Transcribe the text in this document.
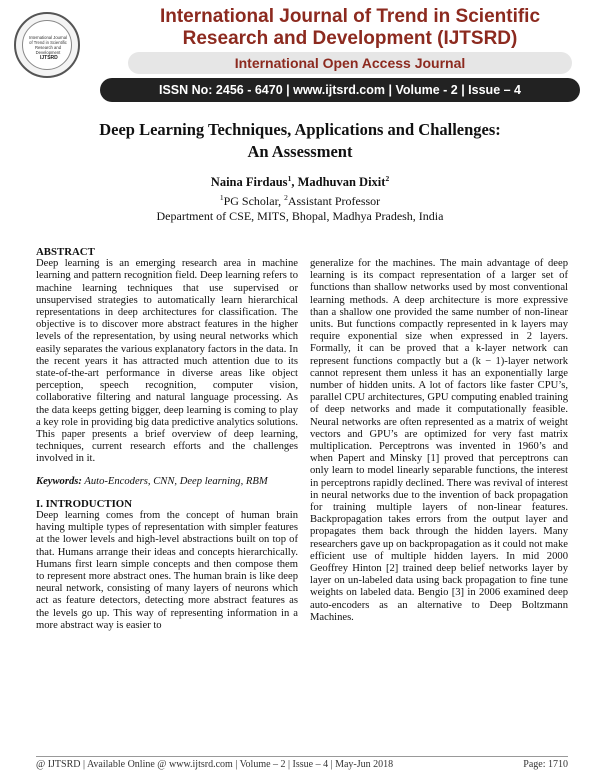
International Journal of Trend in Scientific Research and Development
IJTSRD
International Journal of Trend in Scientific
Research and Development (IJTSRD)
International Open Access Journal
ISSN No: 2456 - 6470 | www.ijtsrd.com | Volume - 2 | Issue – 4
Deep Learning Techniques, Applications and Challenges:
An Assessment
Naina Firdaus$^1$, Madhuvan Dixit$^2$
$^1$PG Scholar, $^2$Assistant Professor
Department of CSE, MITS, Bhopal, Madhya Pradesh, India

ABSTRACT

Deep learning is an emerging research area in machine learning and pattern recognition field. Deep learning refers to machine learning techniques that use supervised or unsupervised strategies to automatically learn hierarchical representations in deep architectures for classification. The objective is to discover more abstract features in the higher levels of the representation, by using neural networks which easily separates the various explanatory factors in the data. In the recent years it has attracted much attention due to its state-of-the-art performance in diverse areas like object perception, speech recognition, computer vision, collaborative filtering and natural language processing. As the data keeps getting bigger, deep learning is coming to play a key role in providing big data predictive analytics solutions. This paper presents a brief overview of deep learning, techniques, current research efforts and the challenges involved in it.

Keywords: Auto-Encoders, CNN, Deep learning, RBM

I. INTRODUCTION

Deep learning comes from the concept of human brain having multiple types of representation with simpler features at the lower levels and high-level abstractions built on top of that. Humans arrange their ideas and concepts hierarchically. Humans first learn simple concepts and then compose them to represent more abstract ones. The human brain is like deep neural network, consisting of many layers of neurons which act as feature detectors, detecting more abstract features as the levels go up. This way of representing information in a more abstract way is easier to

generalize for the machines. The main advantage of deep learning is its compact representation of a larger set of functions than shallow networks used by most conventional learning methods. A deep architecture is more expressive than a shallow one provided the same number of non-linear units. But functions compactly represented in k layers may require exponential size when expressed in 2 layers. Formally, it can be proved that a k-layer network can represent functions compactly but a (k − 1)-layer network cannot represent them unless it has an exponentially large number of hidden units. A lot of factors like faster CPU’s, parallel CPU architectures, GPU computing enabled training of deep networks and made it computationally feasible. Neural networks are often represented as a matrix of weight vectors and GPU’s are optimized for very fast matrix multiplication. Perceptrons was invented in 1960’s and when Papert and Minsky [1] proved that perceptrons can only learn to model linearly separable functions, the interest in perceptrons rapidly declined. There was revival of interest in neural networks due to the invention of back propagation for training multiple layers of non-linear features. Backpropagation takes errors from the output layer and propagates them back through the hidden layers. Many researchers gave up on backpropagation as it could not make efficient use of multiple hidden layers. In mid 2000 Geoffrey Hinton [2] trained deep belief networks layer by layer on un-labeled data using back propagation to fine tune weights on labeled data. Bengio [3] in 2006 examined deep auto-encoders as an alternative to Deep Boltzmann Machines.

@ IJTSRD | Available Online @ www.ijtsrd.com | Volume – 2 | Issue – 4 | May-Jun 2018	Page: 1710
